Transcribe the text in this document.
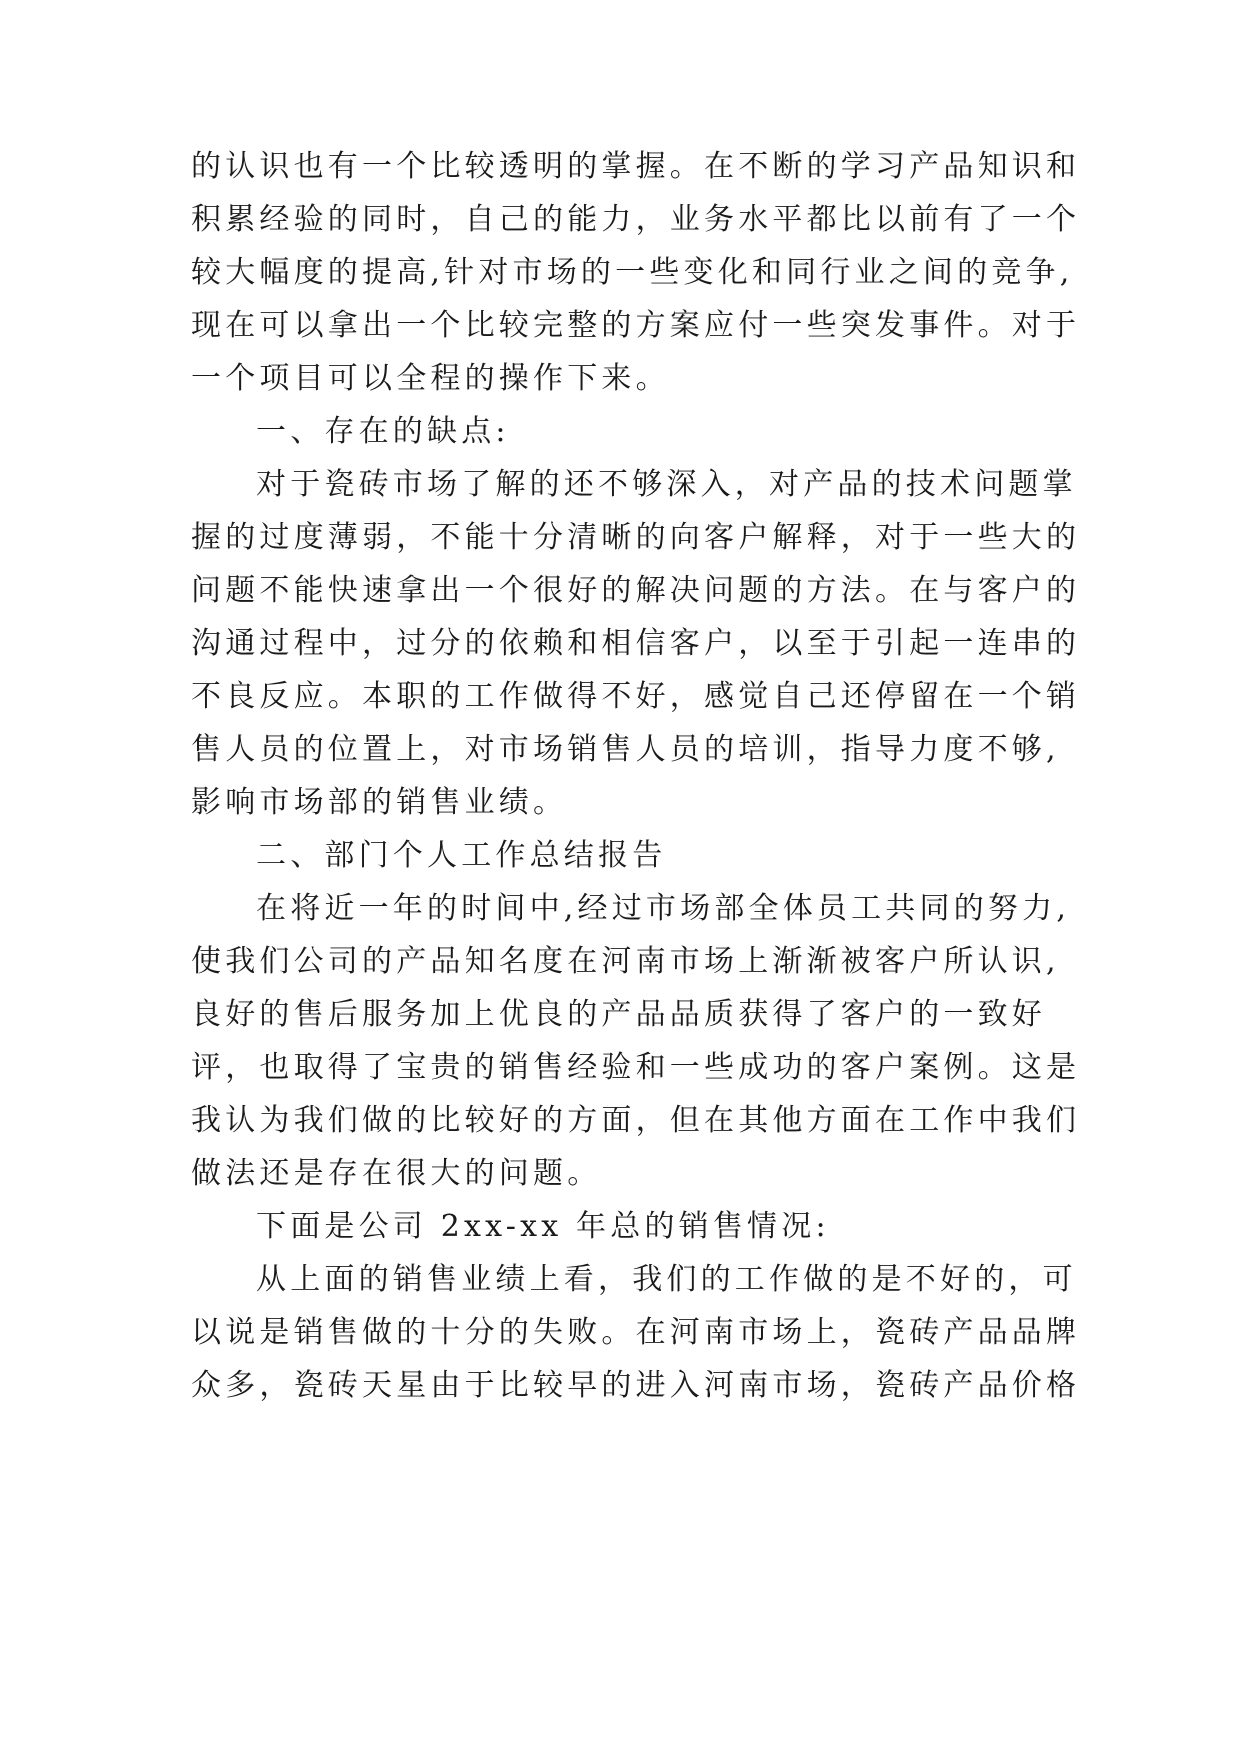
的认识也有一个比较透明的掌握。在不断的学习产品知识和
积累经验的同时，自己的能力，业务水平都比以前有了一个
较大幅度的提高,针对市场的一些变化和同行业之间的竞争,
现在可以拿出一个比较完整的方案应付一些突发事件。对于
一个项目可以全程的操作下来。
一、存在的缺点:
对于瓷砖市场了解的还不够深入，对产品的技术问题掌
握的过度薄弱，不能十分清晰的向客户解释，对于一些大的
问题不能快速拿出一个很好的解决问题的方法。在与客户的
沟通过程中，过分的依赖和相信客户，以至于引起一连串的
不良反应。本职的工作做得不好，感觉自己还停留在一个销
售人员的位置上，对市场销售人员的培训，指导力度不够,
影响市场部的销售业绩。
二、部门个人工作总结报告
在将近一年的时间中,经过市场部全体员工共同的努力,
使我们公司的产品知名度在河南市场上渐渐被客户所认识,
良好的售后服务加上优良的产品品质获得了客户的一致好
评，也取得了宝贵的销售经验和一些成功的客户案例。这是
我认为我们做的比较好的方面，但在其他方面在工作中我们
做法还是存在很大的问题。
下面是公司 2xx-xx 年总的销售情况:
从上面的销售业绩上看，我们的工作做的是不好的，可
以说是销售做的十分的失败。在河南市场上，瓷砖产品品牌
众多，瓷砖天星由于比较早的进入河南市场，瓷砖产品价格
